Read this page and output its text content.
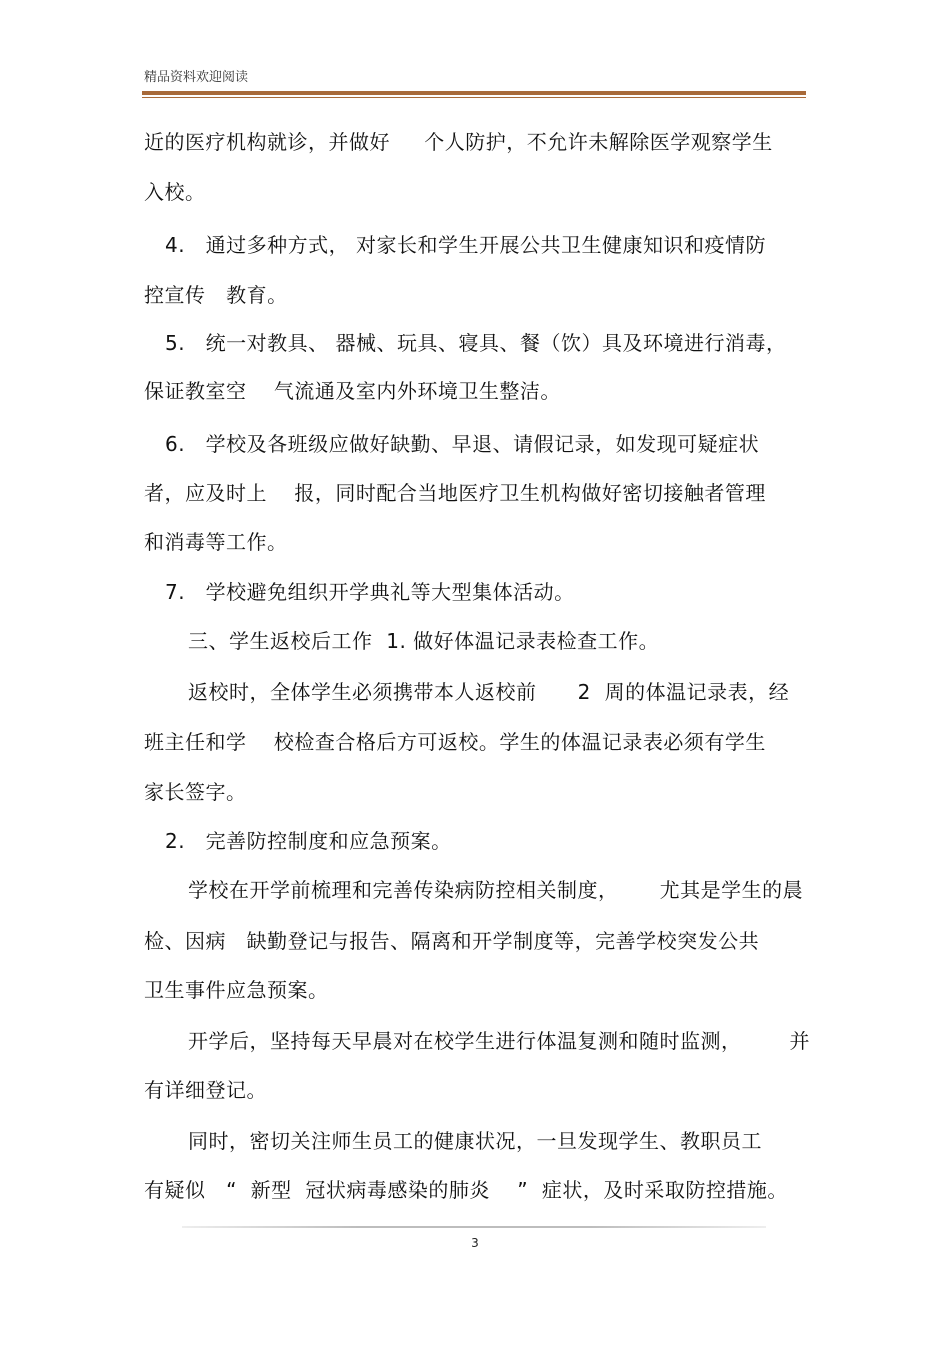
精品资料欢迎阅读
近的医疗机构就诊，并做好     个人防护，不允许未解除医学观察学生
入校。
4.   通过多种方式， 对家长和学生开展公共卫生健康知识和疫情防
控宣传   教育。
5.   统一对教具、 器械、玩具、寝具、餐（饮）具及环境进行消毒，
保证教室空    气流通及室内外环境卫生整洁。
6.   学校及各班级应做好缺勤、早退、请假记录，如发现可疑症状
者，应及时上    报，同时配合当地医疗卫生机构做好密切接触者管理
和消毒等工作。
7.   学校避免组织开学典礼等大型集体活动。
三、学生返校后工作  1. 做好体温记录表检查工作。
返校时，全体学生必须携带本人返校前      2  周的体温记录表，经
班主任和学    校检查合格后方可返校。学生的体温记录表必须有学生
家长签字。
2.   完善防控制度和应急预案。
学校在开学前梳理和完善传染病防控相关制度，      尤其是学生的晨
检、因病   缺勤登记与报告、隔离和开学制度等，完善学校突发公共
卫生事件应急预案。
开学后，坚持每天早晨对在校学生进行体温复测和随时监测，       并
有详细登记。
同时，密切关注师生员工的健康状况，一旦发现学生、教职员工
有疑似   “  新型  冠状病毒感染的肺炎    ”  症状，及时采取防控措施。
3
